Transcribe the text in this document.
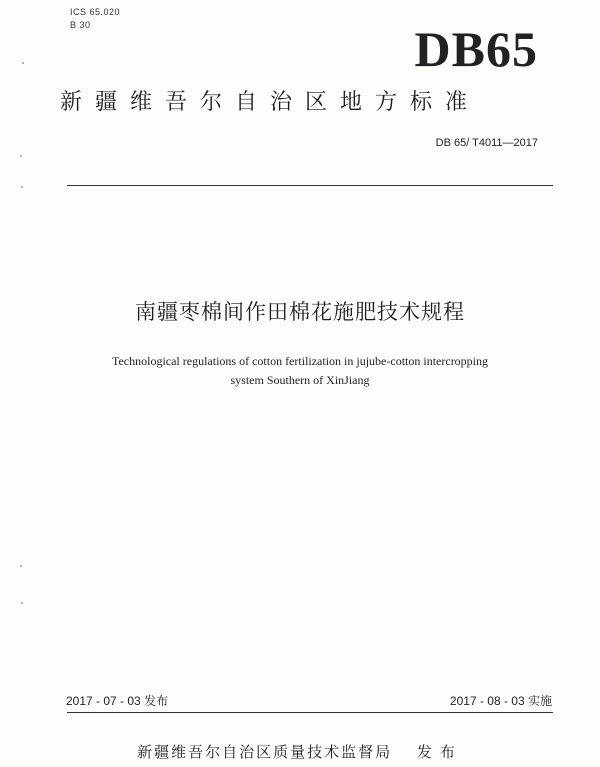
ICS 65.020
B 30	DB65
新疆维吾尔自治区地方标准
DB 65/ T4011—2017
南疆枣棉间作田棉花施肥技术规程
Technological regulations of cotton fertilization in jujube-cotton intercropping
system Southern of XinJiang
2017 - 07 - 03 发布	2017 - 08 - 03 实施
新疆维吾尔自治区质量技术监督局 发布
